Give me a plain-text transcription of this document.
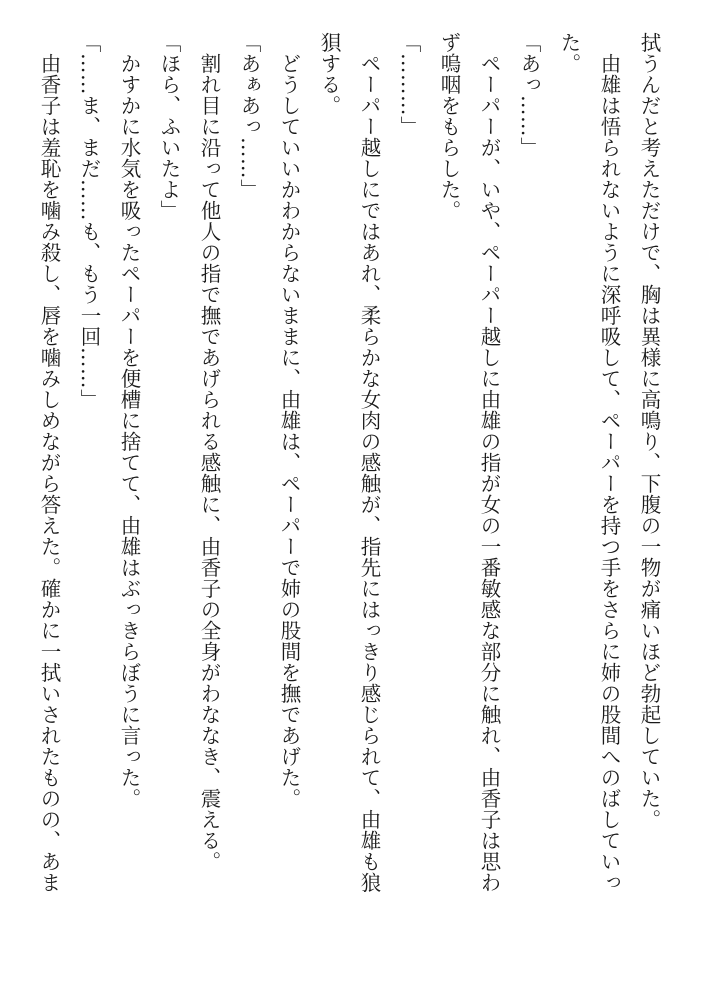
拭うんだと考えただけで、胸は異様に高鳴り、下腹の一物が痛いほど勃起していた。
　由雄は悟られないように深呼吸して、ペーパーを持つ手をさらに姉の股間へのばしていっ
た。
「あっ……」
　ペーパーが、いや、ペーパー越しに由雄の指が女の一番敏感な部分に触れ、由香子は思わ
ず嗚咽をもらした。
「………」
　ペーパー越しにではあれ、柔らかな女肉の感触が、指先にはっきり感じられて、由雄も狼
狽する。
　どうしていいかわからないままに、由雄は、ペーパーで姉の股間を撫であげた。
「あぁあっ……」
　割れ目に沿って他人の指で撫であげられる感触に、由香子の全身がわななき、震える。
「ほら、ふいたよ」
　かすかに水気を吸ったペーパーを便槽に捨てて、由雄はぶっきらぼうに言った。
「……ま、まだ……も、もう一回……」
　由香子は羞恥を噛み殺し、唇を噛みしめながら答えた。確かに一拭いされたものの、あま
